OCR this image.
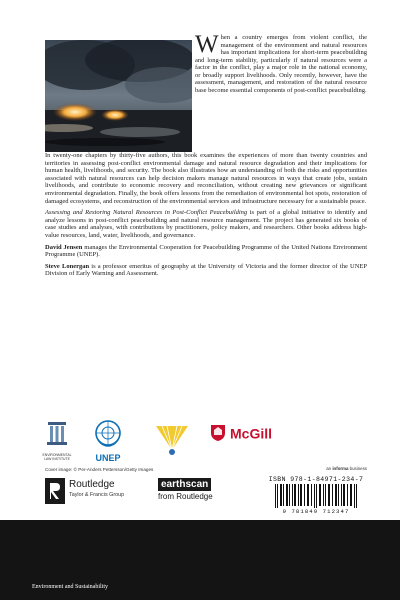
When a country emerges from violent conflict, the management of the environment and natural resources has important implications for short-term peacebuilding and long-term stability, particularly if natural resources were a factor in the conflict, play a major role in the national economy, or broadly support livelihoods. Only recently, however, have the assessment, management, and restoration of the natural resource base become essential components of post-conflict peacebuilding.

In twenty-one chapters by thirty-five authors, this book examines the experiences of more than twenty countries and territories in assessing post-conflict environmental damage and natural resource degradation and their implications for human health, livelihoods, and security. The book also illustrates how an understanding of both the risks and opportunities associated with natural resources can help decision makers manage natural resources in ways that create jobs, sustain livelihoods, and contribute to economic recovery and reconciliation, without creating new grievances or significant environmental degradation. Finally, the book offers lessons from the remediation of environmental hot spots, restoration of damaged ecosystems, and reconstruction of the environmental services and infrastructure necessary for a sustainable peace.

Assessing and Restoring Natural Resources in Post-Conflict Peacebuilding is part of a global initiative to identify and analyze lessons in post-conflict peacebuilding and natural resource management. The project has generated six books of case studies and analyses, with contributions by practitioners, policy makers, and researchers. Other books address high-value resources, land, water, livelihoods, and governance.

David Jensen manages the Environmental Cooperation for Peacebuilding Programme of the United Nations Environment Programme (UNEP).

Steve Lonergan is a professor emeritus of geography at the University of Victoria and the former director of the UNEP Division of Early Warning and Assessment.

ENVIRONMENTAL LAW INSTITUTE	UNEP
McGill
Cover image: © Per-Anders Pettersson/Getty Images	an informa business
Routledge
Taylor & Francis Group
earthscan
from Routledge
ISBN 978-1-84971-234-7
9 781849 712347
Environment and Sustainability
